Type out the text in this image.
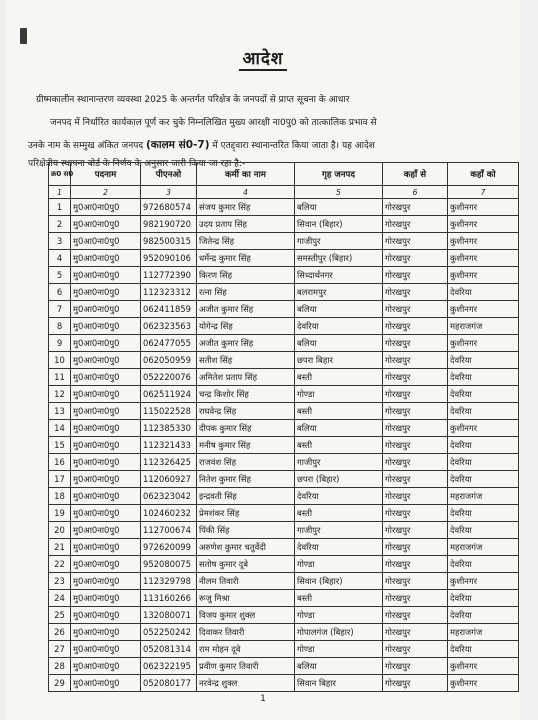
आदेश
ग्रीष्मकालीन स्थानान्तरण व्यवस्था 2025 के अन्तर्गत परिक्षेत्र के जनपदों से प्राप्त सूचना के आधार
जनपद में निर्धारित कार्यकाल पूर्ण कर चुके निम्नलिखित मुख्य आरक्षी ना0पु0 को तात्कालिक प्रभाव से
उनके नाम के सम्मुख अंकित जनपद (कालम सं0-7) में एतद्द्वारा स्थानान्तरित किया जाता है। यह आदेश
परिक्षेत्रीय स्थापना बोर्ड के निर्णय के अनुसार जारी किया जा रहा है:-
क्र0 स0	पदनाम	पीएनओ	कर्मी का नाम	गृह जनपद	कहाँ से	कहाँ को
1	2	3	4	5	6	7
1	मु0आ0ना0पु0	972680574	संजय कुमार सिंह	बलिया	गोरखपुर	कुशीनगर
2	मु0आ0ना0पु0	982190720	उदय प्रताप सिंह	सिवान (बिहार)	गोरखपुर	कुशीनगर
3	मु0आ0ना0पु0	982500315	जितेन्द्र सिंह	गाजीपुर	गोरखपुर	कुशीनगर
4	मु0आ0ना0पु0	952090106	धर्मेन्द्र कुमार सिंह	समस्तीपुर (बिहार)	गोरखपुर	कुशीनगर
5	मु0आ0ना0पु0	112772390	किरण सिंह	सिध्दार्थनगर	गोरखपुर	कुशीनगर
6	मु0आ0ना0पु0	112323312	रत्ना सिंह	बलरामपुर	गोरखपुर	देवरिया
7	मु0आ0ना0पु0	062411859	अजीत कुमार सिंह	बलिया	गोरखपुर	कुशीनगर
8	मु0आ0ना0पु0	062323563	योगेन्द्र सिंह	देवरिया	गोरखपुर	महराजगंज
9	मु0आ0ना0पु0	062477055	अजीत कुमार सिंह	बलिया	गोरखपुर	कुशीनगर
10	मु0आ0ना0पु0	062050959	सतीश सिंह	छपरा बिहार	गोरखपुर	देवरिया
11	मु0आ0ना0पु0	052220076	अमितेश प्रताप सिंह	बस्ती	गोरखपुर	देवरिया
12	मु0आ0ना0पु0	062511924	चन्द्र किशोर सिंह	गोण्डा	गोरखपुर	देवरिया
13	मु0आ0ना0पु0	115022528	राघवेन्द्र सिंह	बस्ती	गोरखपुर	देवरिया
14	मु0आ0ना0पु0	112385330	दीपक कुमार सिंह	बलिया	गोरखपुर	कुशीनगर
15	मु0आ0ना0पु0	112321433	मनीष कुमार सिंह	बस्ती	गोरखपुर	देवरिया
16	मु0आ0ना0पु0	112326425	राजवंश सिंह	गाजीपुर	गोरखपुर	देवरिया
17	मु0आ0ना0पु0	112060927	नितेश कुमार सिंह	छपरा (बिहार)	गोरखपुर	देवरिया
18	मु0आ0ना0पु0	062323042	इन्द्रवती सिंह	देवरिया	गोरखपुर	महराजगंज
19	मु0आ0ना0पु0	102460232	प्रेमशंकर सिंह	बस्ती	गोरखपुर	देवरिया
20	मु0आ0ना0पु0	112700674	पिंकी सिंह	गाजीपुर	गोरखपुर	देवरिया
21	मु0आ0ना0पु0	972620099	अरुणेश कुमार चतुर्वेदी	देवरिया	गोरखपुर	महराजगंज
22	मु0आ0ना0पु0	952080075	सतोष कुमार दूबे	गोण्डा	गोरखपुर	देवरिया
23	मु0आ0ना0पु0	112329798	नीलम तिवारी	सिवान (बिहार)	गोरखपुर	कुशीनगर
24	मु0आ0ना0पु0	113160266	रूजु मिश्रा	बस्ती	गोरखपुर	देवरिया
25	मु0आ0ना0पु0	132080071	विजय कुमार शुक्ल	गोण्डा	गोरखपुर	देवरिया
26	मु0आ0ना0पु0	052250242	दिवाकर तिवारी	गोपालगंज (बिहार)	गोरखपुर	महराजगंज
27	मु0आ0ना0पु0	052081314	राम मोहन दूबे	गोण्डा	गोरखपुर	देवरिया
28	मु0आ0ना0पु0	062322195	प्रवीण कुमार तिवारी	बलिया	गोरखपुर	कुशीनगर
29	मु0आ0ना0पु0	052080177	नरवेन्द्र शुक्ल	सिवान बिहार	गोरखपुर	कुशीनगर
1
